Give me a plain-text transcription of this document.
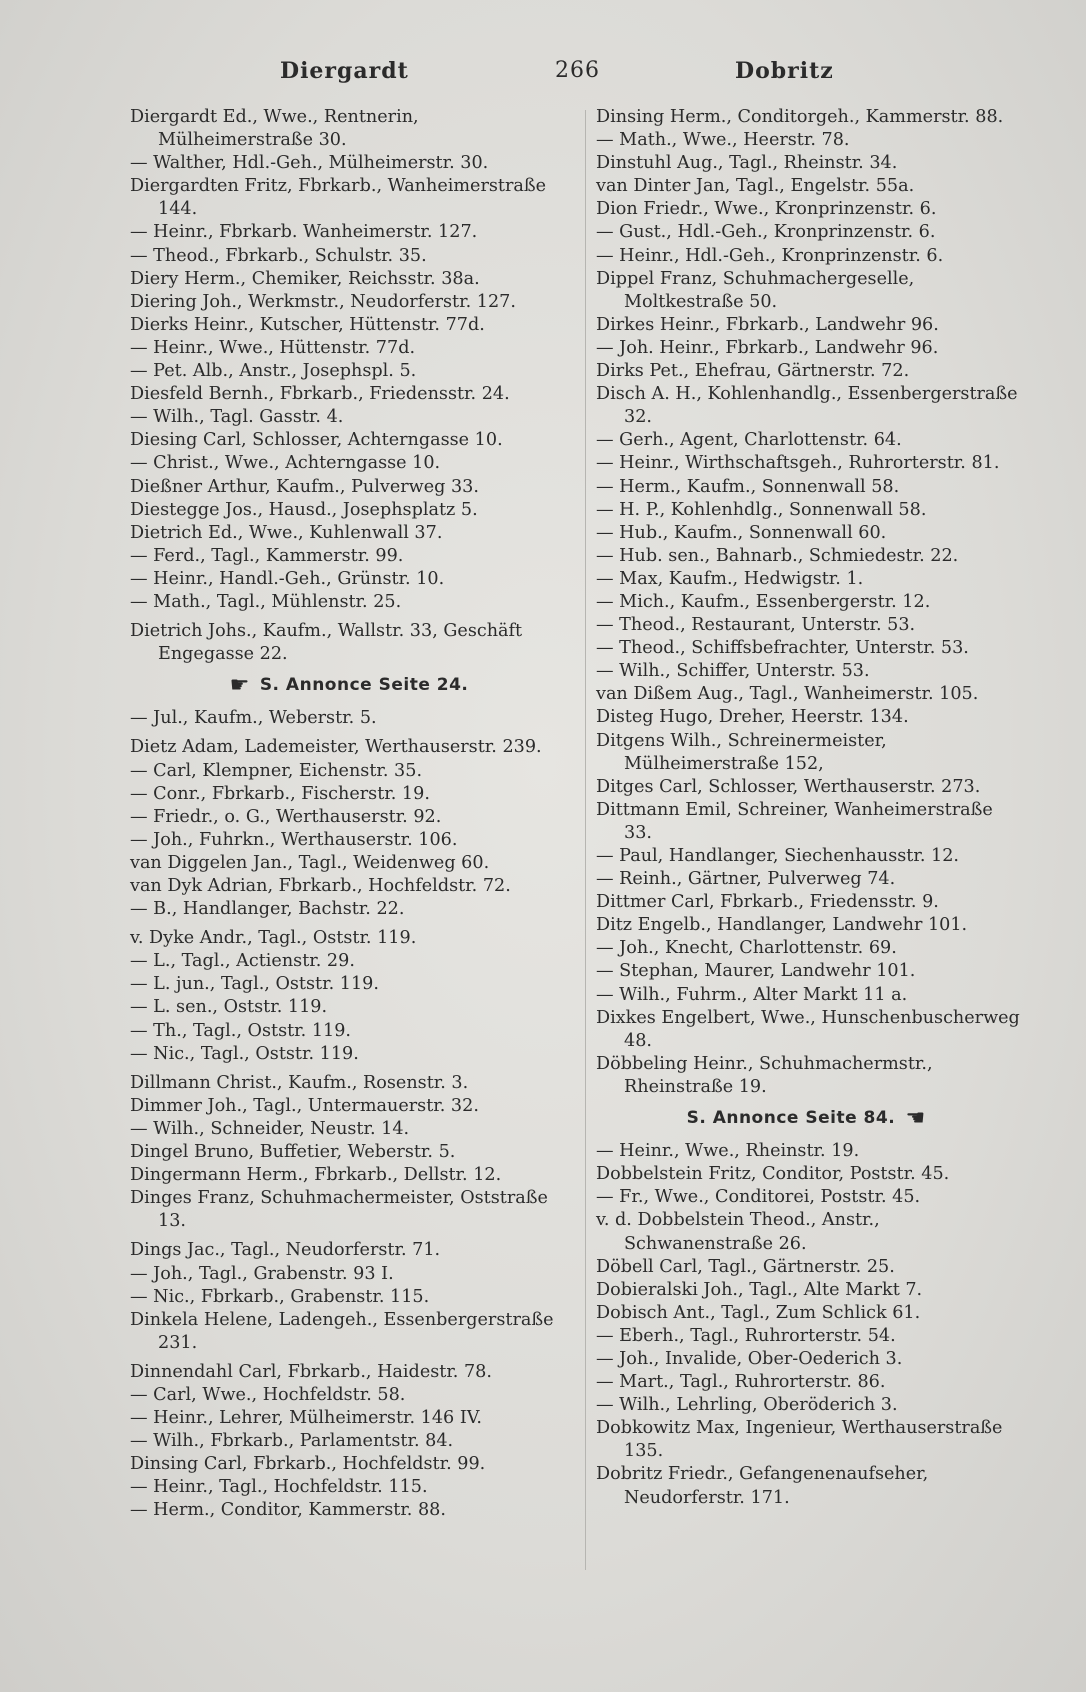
Diergardt	266	Dobritz

Diergardt Ed., Wwe., Rentnerin, Mülheimerstraße 30.

— Walther, Hdl.-Geh., Mülheimerstr. 30.

Diergardten Fritz, Fbrkarb., Wanheimerstraße 144.

— Heinr., Fbrkarb. Wanheimerstr. 127.

— Theod., Fbrkarb., Schulstr. 35.

Diery Herm., Chemiker, Reichsstr. 38a.

Diering Joh., Werkmstr., Neudorferstr. 127.

Dierks Heinr., Kutscher, Hüttenstr. 77d.

— Heinr., Wwe., Hüttenstr. 77d.

— Pet. Alb., Anstr., Josephspl. 5.

Diesfeld Bernh., Fbrkarb., Friedensstr. 24.

— Wilh., Tagl. Gasstr. 4.

Diesing Carl, Schlosser, Achterngasse 10.

— Christ., Wwe., Achterngasse 10.

Dießner Arthur, Kaufm., Pulverweg 33.

Diestegge Jos., Hausd., Josephsplatz 5.

Dietrich Ed., Wwe., Kuhlenwall 37.

— Ferd., Tagl., Kammerstr. 99.

— Heinr., Handl.-Geh., Grünstr. 10.

— Math., Tagl., Mühlenstr. 25.

Dietrich Johs., Kaufm., Wallstr. 33, Geschäft Engegasse 22.

☛ S. Annonce Seite 24.

— Jul., Kaufm., Weberstr. 5.

Dietz Adam, Lademeister, Werthauserstr. 239.

— Carl, Klempner, Eichenstr. 35.

— Conr., Fbrkarb., Fischerstr. 19.

— Friedr., o. G., Werthauserstr. 92.

— Joh., Fuhrkn., Werthauserstr. 106.

van Diggelen Jan., Tagl., Weidenweg 60.

van Dyk Adrian, Fbrkarb., Hochfeldstr. 72.

— B., Handlanger, Bachstr. 22.

v. Dyke Andr., Tagl., Oststr. 119.

— L., Tagl., Actienstr. 29.

— L. jun., Tagl., Oststr. 119.

— L. sen., Oststr. 119.

— Th., Tagl., Oststr. 119.

— Nic., Tagl., Oststr. 119.

Dillmann Christ., Kaufm., Rosenstr. 3.

Dimmer Joh., Tagl., Untermauerstr. 32.

— Wilh., Schneider, Neustr. 14.

Dingel Bruno, Buffetier, Weberstr. 5.

Dingermann Herm., Fbrkarb., Dellstr. 12.

Dinges Franz, Schuhmachermeister, Oststraße 13.

Dings Jac., Tagl., Neudorferstr. 71.

— Joh., Tagl., Grabenstr. 93 I.

— Nic., Fbrkarb., Grabenstr. 115.

Dinkela Helene, Ladengeh., Essenbergerstraße 231.

Dinnendahl Carl, Fbrkarb., Haidestr. 78.

— Carl, Wwe., Hochfeldstr. 58.

— Heinr., Lehrer, Mülheimerstr. 146 IV.

— Wilh., Fbrkarb., Parlamentstr. 84.

Dinsing Carl, Fbrkarb., Hochfeldstr. 99.

— Heinr., Tagl., Hochfeldstr. 115.

— Herm., Conditor, Kammerstr. 88.

Dinsing Herm., Conditorgeh., Kammerstr. 88.

— Math., Wwe., Heerstr. 78.

Dinstuhl Aug., Tagl., Rheinstr. 34.

van Dinter Jan, Tagl., Engelstr. 55a.

Dion Friedr., Wwe., Kronprinzenstr. 6.

— Gust., Hdl.-Geh., Kronprinzenstr. 6.

— Heinr., Hdl.-Geh., Kronprinzenstr. 6.

Dippel Franz, Schuhmachergeselle, Moltkestraße 50.

Dirkes Heinr., Fbrkarb., Landwehr 96.

— Joh. Heinr., Fbrkarb., Landwehr 96.

Dirks Pet., Ehefrau, Gärtnerstr. 72.

Disch A. H., Kohlenhandlg., Essenbergerstraße 32.

— Gerh., Agent, Charlottenstr. 64.

— Heinr., Wirthschaftsgeh., Ruhrorterstr. 81.

— Herm., Kaufm., Sonnenwall 58.

— H. P., Kohlenhdlg., Sonnenwall 58.

— Hub., Kaufm., Sonnenwall 60.

— Hub. sen., Bahnarb., Schmiedestr. 22.

— Max, Kaufm., Hedwigstr. 1.

— Mich., Kaufm., Essenbergerstr. 12.

— Theod., Restaurant, Unterstr. 53.

— Theod., Schiffsbefrachter, Unterstr. 53.

— Wilh., Schiffer, Unterstr. 53.

van Dißem Aug., Tagl., Wanheimerstr. 105.

Disteg Hugo, Dreher, Heerstr. 134.

Ditgens Wilh., Schreinermeister, Mülheimerstraße 152,

Ditges Carl, Schlosser, Werthauserstr. 273.

Dittmann Emil, Schreiner, Wanheimerstraße 33.

— Paul, Handlanger, Siechenhausstr. 12.

— Reinh., Gärtner, Pulverweg 74.

Dittmer Carl, Fbrkarb., Friedensstr. 9.

Ditz Engelb., Handlanger, Landwehr 101.

— Joh., Knecht, Charlottenstr. 69.

— Stephan, Maurer, Landwehr 101.

— Wilh., Fuhrm., Alter Markt 11 a.

Dixkes Engelbert, Wwe., Hunschenbuscherweg 48.

Döbbeling Heinr., Schuhmachermstr., Rheinstraße 19.

S. Annonce Seite 84. ☛

— Heinr., Wwe., Rheinstr. 19.

Dobbelstein Fritz, Conditor, Poststr. 45.

— Fr., Wwe., Conditorei, Poststr. 45.

v. d. Dobbelstein Theod., Anstr., Schwanenstraße 26.

Döbell Carl, Tagl., Gärtnerstr. 25.

Dobieralski Joh., Tagl., Alte Markt 7.

Dobisch Ant., Tagl., Zum Schlick 61.

— Eberh., Tagl., Ruhrorterstr. 54.

— Joh., Invalide, Ober-Oederich 3.

— Mart., Tagl., Ruhrorterstr. 86.

— Wilh., Lehrling, Oberöderich 3.

Dobkowitz Max, Ingenieur, Werthauserstraße 135.

Dobritz Friedr., Gefangenenaufseher, Neudorferstr. 171.
